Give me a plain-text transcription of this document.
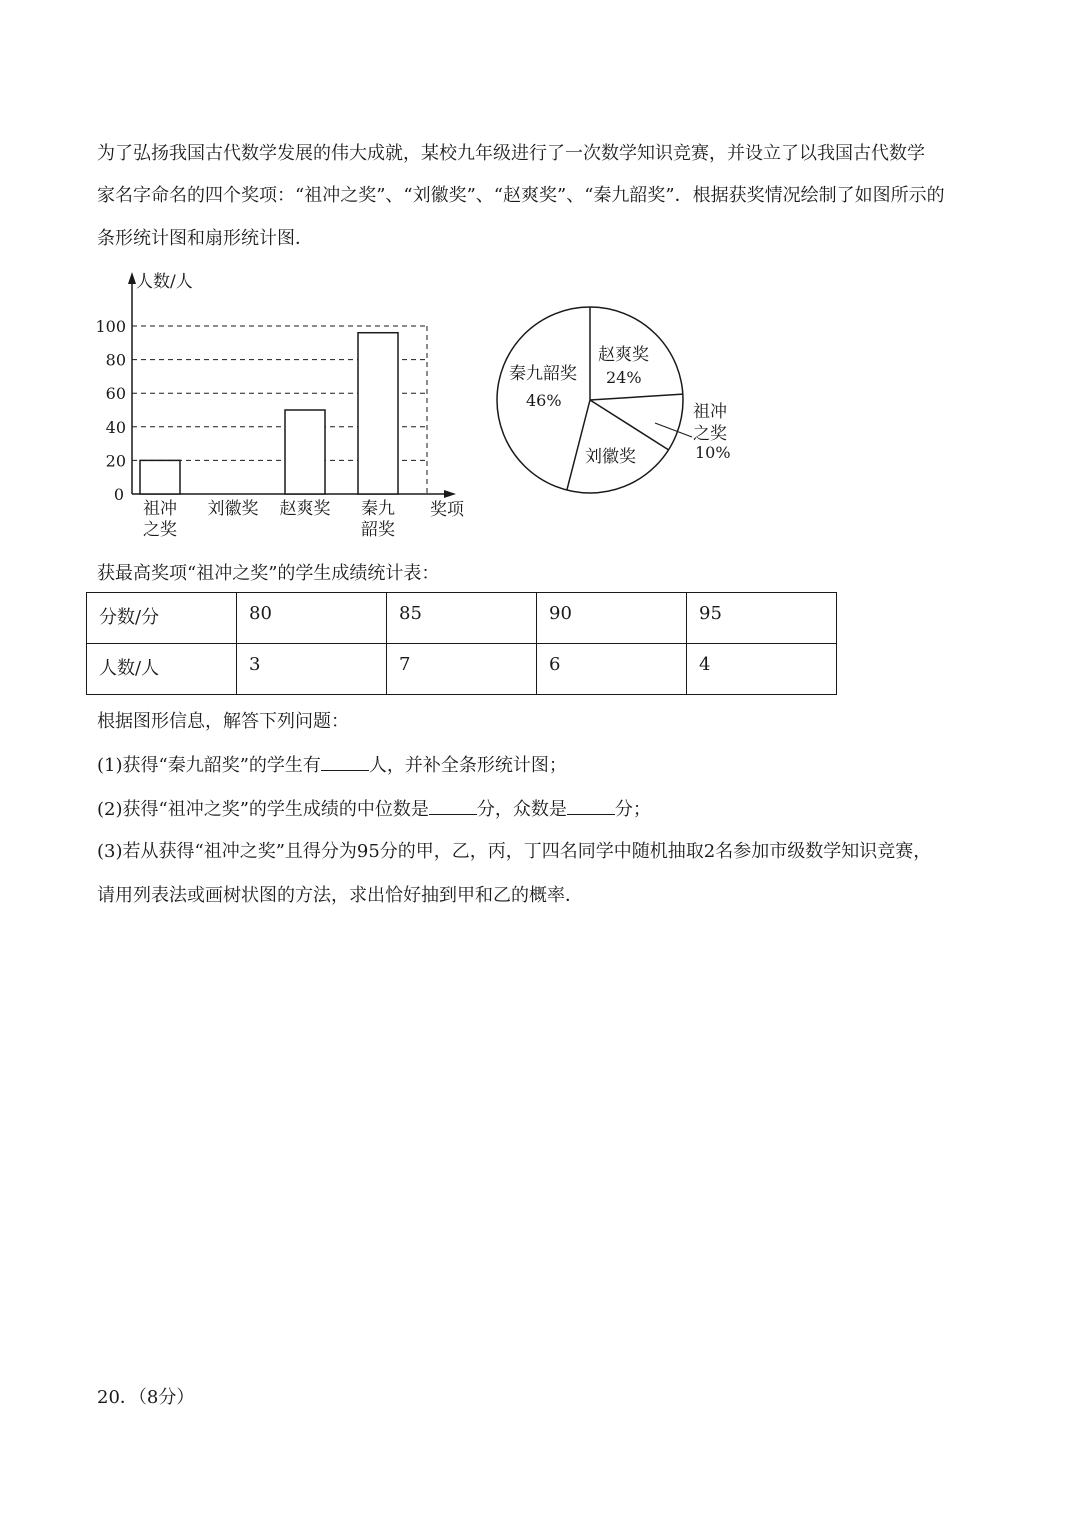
为了弘扬我国古代数学发展的伟大成就，某校九年级进行了一次数学知识竞赛，并设立了以我国古代数学
家名字命名的四个奖项：“祖冲之奖”、“刘徽奖”、“赵爽奖”、“秦九韶奖”．根据获奖情况绘制了如图所示的
条形统计图和扇形统计图．
0
20
40
60
80
100
祖冲
之奖
刘徽奖 赵爽奖 秦九
韶奖
人数/人
奖项
赵爽奖
24%
祖冲
之奖
10%
刘徽奖
秦九韶奖
46%
获最高奖项“祖冲之奖”的学生成绩统计表：
分数/分	80	85	90	95
人数/人	3	7	6	4
根据图形信息，解答下列问题：
(1)获得“秦九韶奖”的学生有	人，并补全条形统计图；
(2)获得“祖冲之奖”的学生成绩的中位数是	分，众数是	分；
(3)若从获得“祖冲之奖”且得分为95分的甲，乙，丙，丁四名同学中随机抽取2名参加市级数学知识竞赛，
请用列表法或画树状图的方法，求出恰好抽到甲和乙的概率．
20．（8分）
